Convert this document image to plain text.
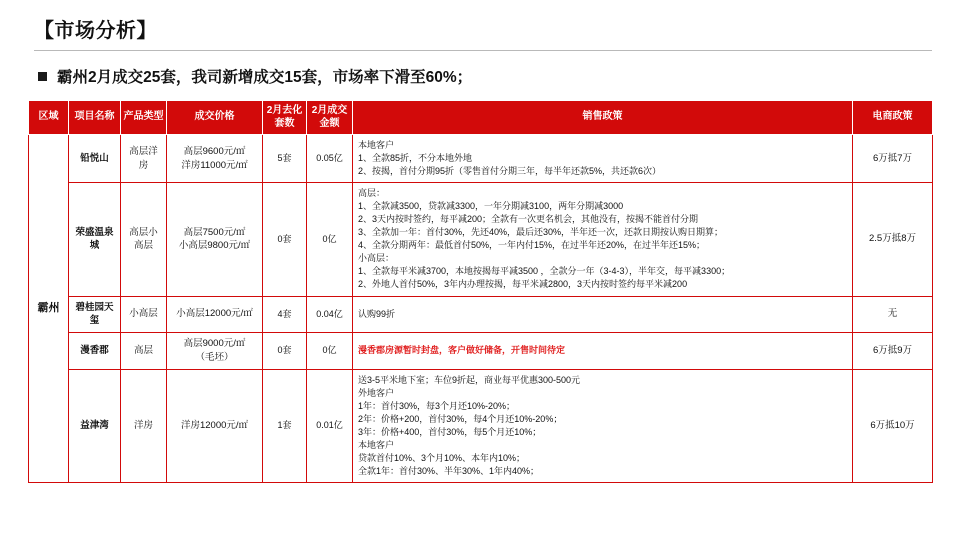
【市场分析】
霸州2月成交25套，我司新增成交15套，市场率下滑至60%；
区域	项目名称	产品类型	成交价格	2月去化套数	2月成交金额	销售政策	电商政策
霸州	铅悦山	高层洋房	高层9600元/㎡
洋房11000元/㎡	5套	0.05亿	本地客户
1、全款85折，不分本地外地
2、按揭，首付分期95折（零售首付分期三年，每半年还款5%，共还款6次）	6万抵7万
荣盛温泉城	高层小高层	高层7500元/㎡
小高层9800元/㎡	0套	0亿	高层：
1、全款减3500，贷款减3300，一年分期减3100，两年分期减3000
2、3天内按时签约，每平减200；全款有一次更名机会，其他没有，按揭不能首付分期
3、全款加一年：首付30%，先还40%，最后还30%，半年还一次，还款日期按认购日期算；
4、全款分期两年：最低首付50%，一年内付15%，在过半年还20%，在过半年还15%；
小高层：
1、全款每平米减3700，本地按揭每平减3500 ，全款分一年（3-4-3），半年交，每平减3300；
2、外地人首付50%，3年内办理按揭，每平米减2800，3天内按时签约每平米减200	2.5万抵8万
	碧桂园天玺	小高层	小高层12000元/㎡	4套	0.04亿	认购99折	无
	漫香郡	高层	高层9000元/㎡
（毛坯）	0套	0亿	漫香郡房源暂时封盘，客户做好储备，开售时间待定	6万抵9万
益津湾	洋房	洋房12000元/㎡	1套	0.01亿	送3-5平米地下室；车位9折起，商业每平优惠300-500元
外地客户
1年：首付30%，每3个月还10%-20%；
2年：价格+200，首付30%，每4个月还10%-20%；
3年：价格+400，首付30%，每5个月还10%；
本地客户
贷款首付10%、3个月10%、本年内10%；
全款1年：首付30%、半年30%、1年内40%；	6万抵10万
